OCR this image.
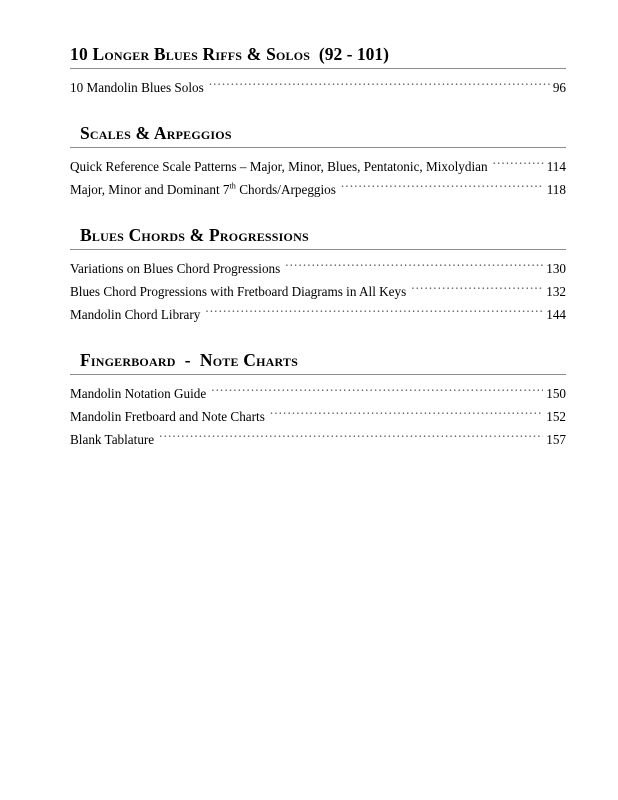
10 Longer Blues Riffs & Solos (92 - 101)
10 Mandolin Blues Solos .....	96
Scales & Arpeggios
Quick Reference Scale Patterns – Major, Minor, Blues, Pentatonic, Mixolydian .....	114
Major, Minor and Dominant 7th Chords/Arpeggios .....	118
Blues Chords & Progressions
Variations on Blues Chord Progressions .....	130
Blues Chord Progressions with Fretboard Diagrams in All Keys .....	132
Mandolin Chord Library .....	144
Fingerboard  -  Note Charts
Mandolin Notation Guide .....	150
Mandolin Fretboard and Note Charts .....	152
Blank Tablature .....	157
